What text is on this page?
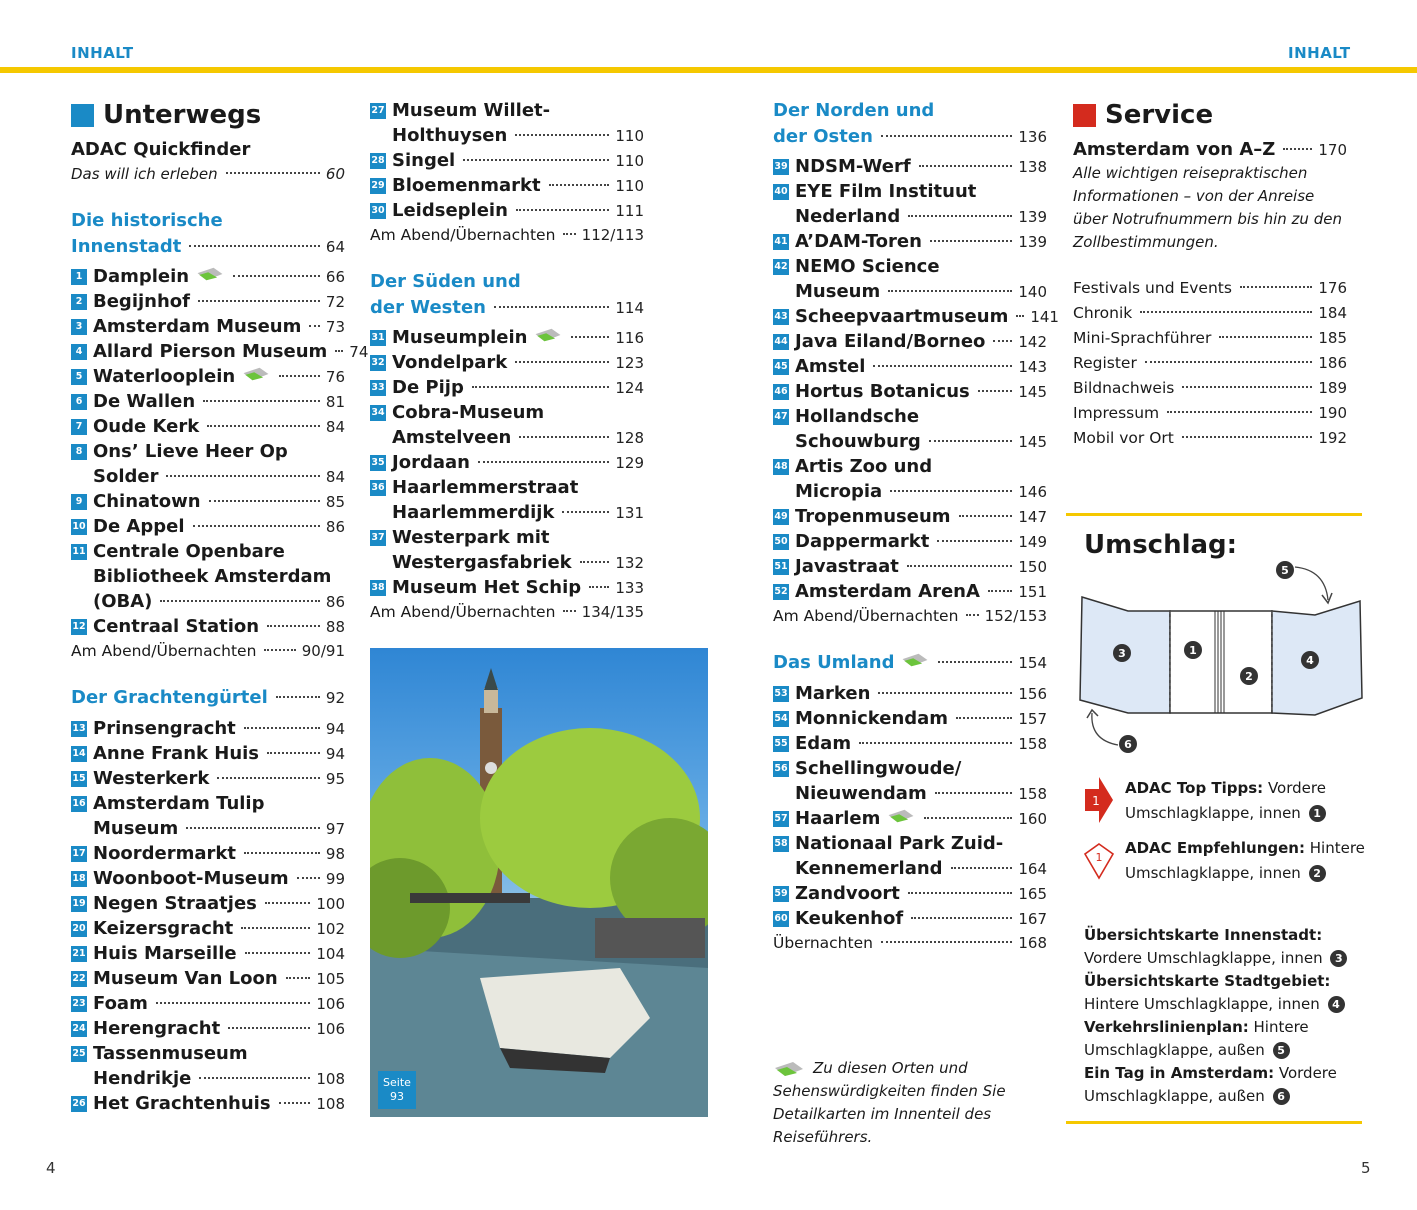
INHALT	INHALT
Unterwegs
ADAC Quickfinder
Das will ich erleben	60
Die historische
Innenstadt	64
1 Damplein	66
2 Begijnhof	72
3 Amsterdam Museum 73
4 Allard Pierson Museum 74
5 Waterlooplein	76
6 De Wallen	81
7 Oude Kerk	84
8 Ons’ Lieve Heer Op
Solder	84
9 Chinatown	85
10 De Appel	86
11 Centrale Openbare
Bibliotheek Amsterdam
(OBA)	86
12 Centraal Station	88
Am Abend/Übernachten	90/91
Der Grachtengürtel	92
13 Prinsengracht	94
14 Anne Frank Huis	94
15 Westerkerk	95
16 Amsterdam Tulip
Museum	97
17 Noordermarkt	98
18 Woonboot-Museum 99
19 Negen Straatjes	100
20 Keizersgracht	102
21 Huis Marseille	104
22 Museum Van Loon	105
23 Foam	106
24 Herengracht	106
25 Tassenmuseum
Hendrikje	108
26 Het Grachtenhuis	108
27 Museum Willet-
Holthuysen	110
28 Singel	110
29 Bloemenmarkt	110
30 Leidseplein	111
Am Abend/Übernachten 112/113
Der Süden und
der Westen	114
31 Museumplein	116
32 Vondelpark	123
33 De Pijp	124
34 Cobra-Museum
Amstelveen	128
35 Jordaan	129
36 Haarlemmerstraat
Haarlemmerdijk	131
37 Westerpark mit
Westergasfabriek	132
38 Museum Het Schip 133
Am Abend/Übernachten 134/135
Der Norden und
der Osten	136
39 NDSM-Werf	138
40 EYE Film Instituut
Nederland	139
41 A’DAM-Toren	139
42 NEMO Science
Museum	140
43 Scheepvaartmuseum 141
44 Java Eiland/Borneo 142
45 Amstel	143
46 Hortus Botanicus	145
47 Hollandsche
Schouwburg	145
48 Artis Zoo und
Micropia	146
49 Tropenmuseum	147
50 Dappermarkt	149
51 Javastraat	150
52 Amsterdam ArenA	151
Am Abend/Übernachten 152/153
Das Umland	154
53 Marken	156
54 Monnickendam	157
55 Edam	158
56 Schellingwoude/
Nieuwendam	158
57 Haarlem	160
58 Nationaal Park Zuid-
Kennemerland	164
59 Zandvoort	165
60 Keukenhof	167
Übernachten	168
Service
Amsterdam von A–Z	170
Alle wichtigen reisepraktischen Informationen – von der Anreise über Notrufnummern bis hin zu den Zollbestimmungen.
Festivals und Events	176
Chronik	184
Mini-Sprachführer	185
Register	186
Bildnachweis	189
Impressum	190
Mobil vor Ort	192
Seite
93
Zu diesen Orten und Sehenswürdigkeiten finden Sie Detailkarten im Innenteil des Reiseführers.
Umschlag:
1
2
3
4
5
6
1
ADAC Top Tipps: Vordere Umschlagklappe, innen 1
1
ADAC Empfehlungen: Hintere Umschlagklappe, innen 2
Übersichtskarte Innenstadt: Vordere Umschlagklappe, innen 3
Übersichtskarte Stadtgebiet: Hintere Umschlagklappe, innen 4
Verkehrslinienplan: Hintere Umschlagklappe, außen 5
Ein Tag in Amsterdam: Vordere Umschlagklappe, außen 6
4	5
